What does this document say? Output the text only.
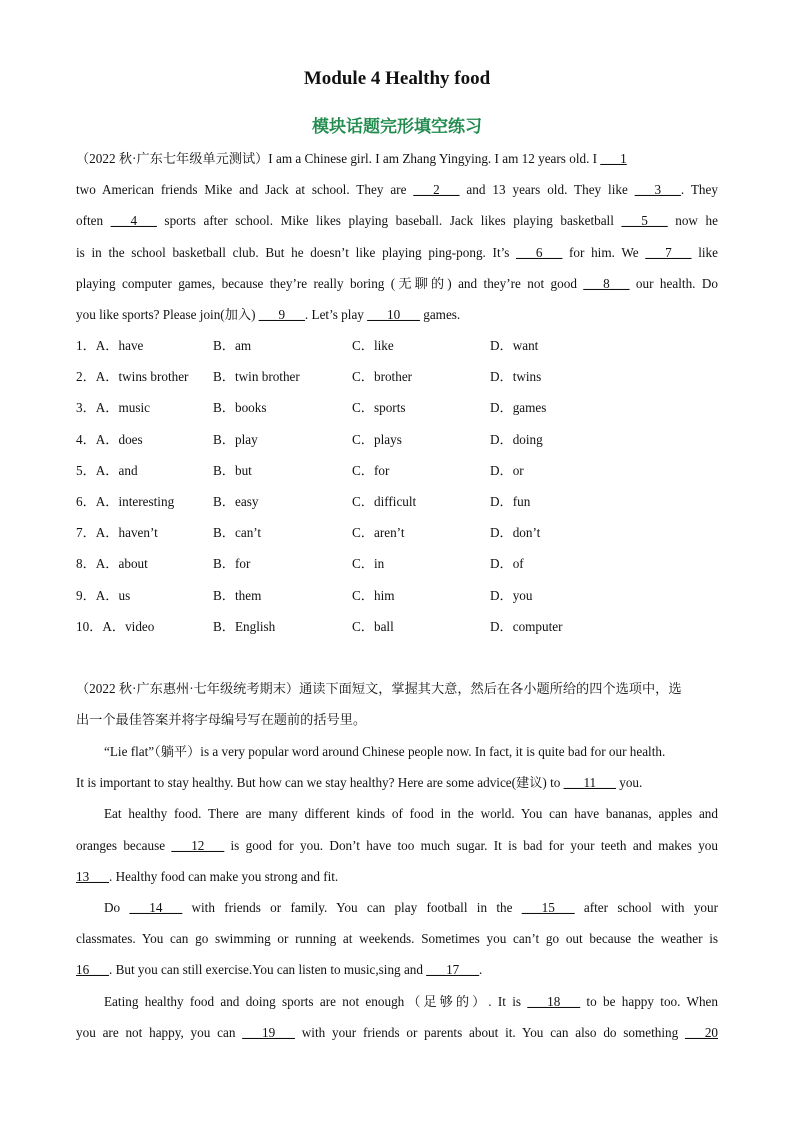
Module 4 Healthy food
模块话题完形填空练习
（2022 秋·广东七年级单元测试）I am a Chinese girl. I am Zhang Yingying. I am 12 years old. I ___1
two American friends Mike and Jack at school. They are ___2___ and 13 years old. They like ___3___. They
often ___4___ sports after school. Mike likes playing baseball. Jack likes playing basketball ___5___ now he
is in the school basketball club. But he doesn’t like playing ping-pong. It’s ___6___ for him. We ___7___ like
playing computer games, because they’re really boring (无聊的) and they’re not good ___8___ our health. Do
you like sports? Please join(加入) ___9___. Let’s play ___10___ games.
1．A．have	B．am	C．like	D．want
2．A．twins brother B．twin brother	C．brother	D．twins
3．A．music	B．books	C．sports	D．games
4．A．does	B．play	C．plays	D．doing
5．A．and	B．but	C．for	D．or
6．A．interesting	B．easy	C．difficult	D．fun
7．A．haven’t	B．can’t	C．aren’t	D．don’t
8．A．about	B．for	C．in	D．of
9．A．us	B．them	C．him	D．you
10．A．video	B．English	C．ball	D．computer
（2022 秋·广东惠州·七年级统考期末）通读下面短文，掌握其大意，然后在各小题所给的四个选项中，选
出一个最佳答案并将字母编号写在题前的括号里。
“Lie flat”（躺平）is a very popular word around Chinese people now. In fact, it is quite bad for our health.
It is important to stay healthy. But how can we stay healthy? Here are some advice(建议) to ___11___ you.
Eat healthy food. There are many different kinds of food in the world. You can have bananas, apples and
oranges because ___12___ is good for you. Don’t have too much sugar. It is bad for your teeth and makes you
13___. Healthy food can make you strong and fit.
Do ___14___ with friends or family. You can play football in the ___15___ after school with your
classmates. You can go swimming or running at weekends. Sometimes you can’t go out because the weather is
16___. But you can still exercise.You can listen to music,sing and ___17___.
Eating healthy food and doing sports are not enough（足够的）. It is ___18___ to be happy too. When
you are not happy, you can ___19___ with your friends or parents about it. You can also do something ___20
